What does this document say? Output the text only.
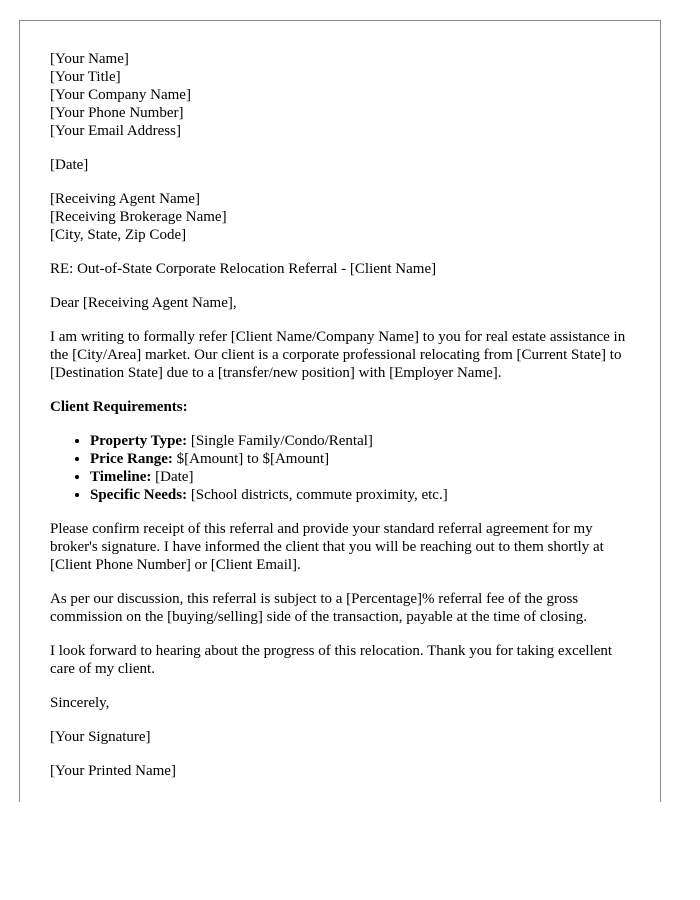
[Your Name]
[Your Title]
[Your Company Name]
[Your Phone Number]
[Your Email Address]
[Date]
[Receiving Agent Name]
[Receiving Brokerage Name]
[City, State, Zip Code]

RE: Out-of-State Corporate Relocation Referral - [Client Name]

Dear [Receiving Agent Name],

I am writing to formally refer [Client Name/Company Name] to you for real estate assistance in the [City/Area] market. Our client is a corporate professional relocating from [Current State] to [Destination State] due to a [transfer/new position] with [Employer Name].

Client Requirements:
• Property Type: [Single Family/Condo/Rental]
• Price Range: $[Amount] to $[Amount]
• Timeline: [Date]
• Specific Needs: [School districts, commute proximity, etc.]

Please confirm receipt of this referral and provide your standard referral agreement for my broker's signature. I have informed the client that you will be reaching out to them shortly at [Client Phone Number] or [Client Email].

As per our discussion, this referral is subject to a [Percentage]% referral fee of the gross commission on the [buying/selling] side of the transaction, payable at the time of closing.

I look forward to hearing about the progress of this relocation. Thank you for taking excellent care of my client.

Sincerely,

[Your Signature]

[Your Printed Name]
